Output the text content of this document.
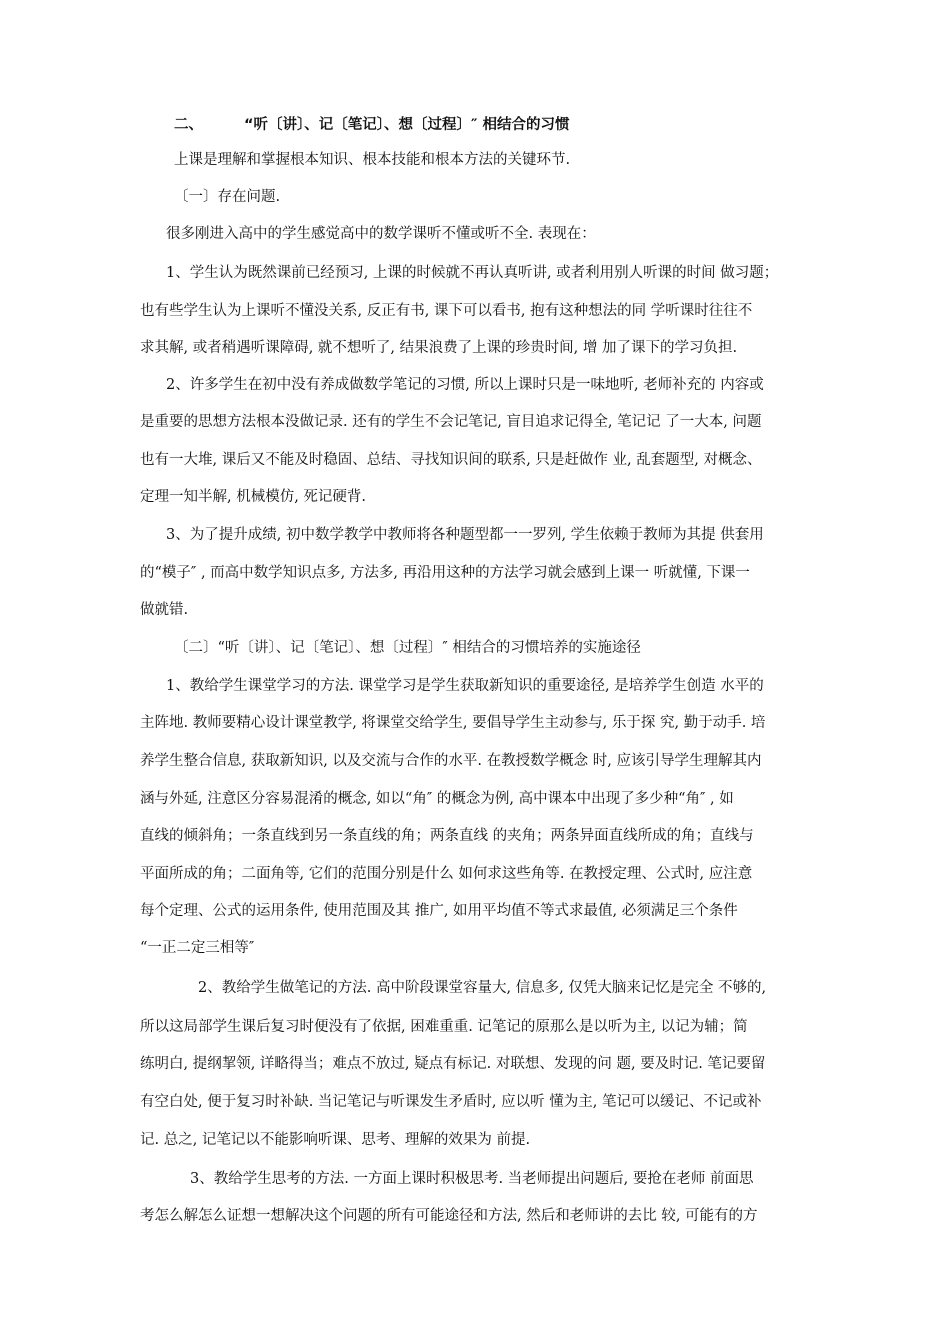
二、	“听〔讲〕、记〔笔记〕、想〔过程〕″ 相结合的习惯
上课是理解和掌握根本知识、根本技能和根本方法的关键环节.
〔一〕存在问题.
很多刚进入高中的学生感觉高中的数学课听不懂或听不全. 表现在：
1、学生认为既然课前已经预习, 上课的时候就不再认真听讲, 或者利用别人听课的时间 做习题；
也有些学生认为上课听不懂没关系, 反正有书, 课下可以看书, 抱有这种想法的同 学听课时往往不
求其解, 或者稍遇听课障碍, 就不想听了, 结果浪费了上课的珍贵时间, 增 加了课下的学习负担.
2、许多学生在初中没有养成做数学笔记的习惯, 所以上课时只是一味地听, 老师补充的 内容或
是重要的思想方法根本没做记录. 还有的学生不会记笔记, 盲目追求记得全, 笔记记 了一大本, 问题
也有一大堆, 课后又不能及时稳固、总结、寻找知识间的联系, 只是赶做作 业, 乱套题型, 对概念、
定理一知半解, 机械模仿, 死记硬背.
3、为了提升成绩, 初中数学教学中教师将各种题型都一一罗列, 学生依赖于教师为其提 供套用
的“模子″ , 而高中数学知识点多, 方法多, 再沿用这种的方法学习就会感到上课一 听就懂, 下课一
做就错.
〔二〕“听〔讲〕、记〔笔记〕、想〔过程〕″ 相结合的习惯培养的实施途径
1、教给学生课堂学习的方法. 课堂学习是学生获取新知识的重要途径, 是培养学生创造 水平的
主阵地. 教师要精心设计课堂教学, 将课堂交给学生, 要倡导学生主动参与, 乐于探 究, 勤于动手. 培
养学生整合信息, 获取新知识, 以及交流与合作的水平. 在教授数学概念 时, 应该引导学生理解其内
涵与外延, 注意区分容易混淆的概念, 如以“角″ 的概念为例, 高中课本中出现了多少种“角″ , 如
直线的倾斜角；一条直线到另一条直线的角；两条直线 的夹角；两条异面直线所成的角；直线与
平面所成的角；二面角等, 它们的范围分别是什么 如何求这些角等. 在教授定理、公式时, 应注意
每个定理、公式的运用条件, 使用范围及其 推广, 如用平均值不等式求最值, 必须满足三个条件
“一正二定三相等″
2、教给学生做笔记的方法. 高中阶段课堂容量大, 信息多, 仅凭大脑来记忆是完全 不够的,
所以这局部学生课后复习时便没有了依据, 困难重重. 记笔记的原那么是以听为主, 以记为辅；简
练明白, 提纲挈领, 详略得当；难点不放过, 疑点有标记. 对联想、发现的问 题, 要及时记. 笔记要留
有空白处, 便于复习时补缺. 当记笔记与听课发生矛盾时, 应以听 懂为主, 笔记可以缓记、不记或补
记. 总之, 记笔记以不能影响听课、思考、理解的效果为 前提.
3、教给学生思考的方法. 一方面上课时积极思考. 当老师提出问题后, 要抢在老师 前面思
考怎么解怎么证想一想解决这个问题的所有可能途径和方法, 然后和老师讲的去比 较, 可能有的方
